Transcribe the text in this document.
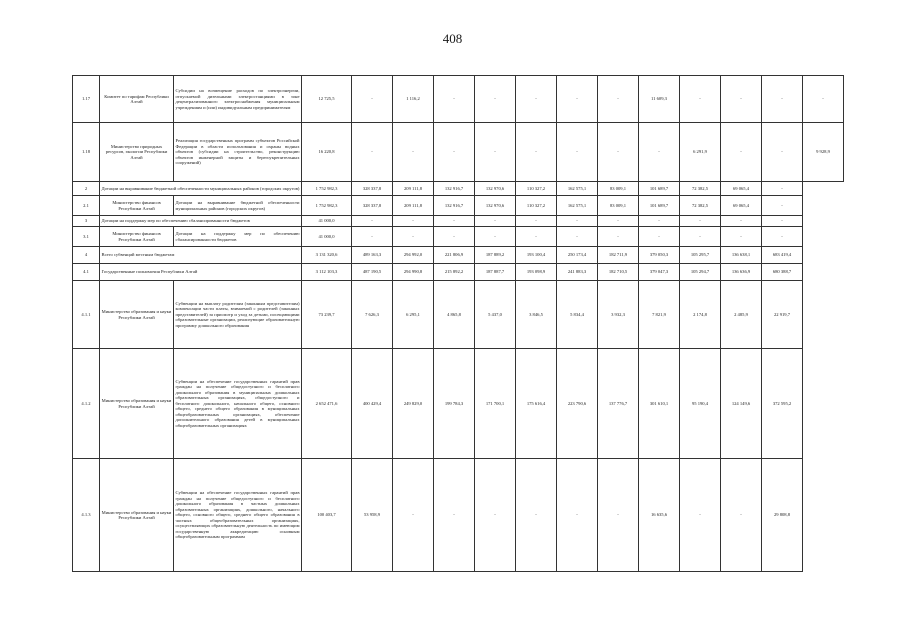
408
1.17	Комитет по тарифам Республики Алтай	Субсидии на возмещение расходов по электроэнергии, отпускаемой дизельными электростанциями в зоне децентрализованного электроснабжения муниципальным учреждениям и (или) индивидуальным предпринимателям	12 725,5	-	1 116,2	-	-	-	-	-	11 609,3	-	-	-	-
1.18	Министерство природных ресурсов, экологии Республики Алтай	Реализация государственных программ субъектов Российской Федерации в области использования и охраны водных объектов (субсидии на строительство, реконструкцию объектов инженерной защиты и берегоукрепительных сооружений)	16 220,8	-	-	-	-	-	-	-	-	6 291,9	-	-	9 928,9
2	Дотации на выравнивание бюджетной обеспеченности муниципальных районов (городских округов)		1 752 982,3	328 337,8	209 111,8	132 916,7	132 970,6	110 327,2	162 575,1	83 009,1	101 689,7	72 382,5	69 065,4	-	
2.1	Министерство финансов Республики Алтай	Дотации на выравнивание бюджетной обеспеченности муниципальных районов (городских округов)	1 752 982,3	328 337,8	209 111,8	132 916,7	132 970,6	110 327,2	162 575,1	83 009,1	101 689,7	72 382,5	69 065,4	-	
3	Дотации на поддержку мер по обеспечению сбалансированности бюджетов		41 000,0	-	-	-	-	-	-	-	-	-	-	-	
3.1	Министерство финансов Республики Алтай	Дотации на поддержку мер по обеспечению сбалансированности бюджетов	41 000,0	-	-	-	-	-	-	-	-	-	-	-	
4	Всего субвенций местным бюджетам		3 131 320,6	489 163,3	294 992,0	221 806,9	187 889,2	193 100,4	250 173,4	182 711,9	379 050,3	105 295,7	136 638,1	683 419,4	
4.1	Государственные полномочия Республики Алтай		3 112 103,3	487 190,5	294 990,8	215 892,2	187 887,7	193 098,9	241 883,3	182 710,5	379 047,3	105 294,7	136 636,9	680 388,7	
4.1.1	Министерство образования и науки Республики Алтай	Субвенции на выплату родителям (законным представителям) компенсации части платы, взимаемой с родителей (законных представителей) за присмотр и уход за детьми, посещающими образовательные организации, реализующие образовательную программу дошкольного образования	73 239,7	7 626,3	6 295,1	4 865,8	5 437,0	3 846,5	5 834,4	3 932,3	7 821,9	2 174,8	2 485,9	22 919,7	
4.1.2	Министерство образования и науки Республики Алтай	Субвенции на обеспечение государственных гарантий прав граждан на получение общедоступного и бесплатного дошкольного образования в муниципальных дошкольных образовательных организациях, общедоступного и бесплатного дошкольного, начального общего, основного общего, среднего общего образования в муниципальных общеобразовательных организациях, обеспечение дополнительного образования детей в муниципальных общеобразовательных организациях	2 652 471,6	400 429,4	249 829,0	199 784,3	171 700,1	175 616,4	223 790,6	137 776,7	301 610,1	95 190,4	124 149,6	372 595,2	
4.1.3	Министерство образования и науки Республики Алтай	Субвенции на обеспечение государственных гарантий прав граждан на получение общедоступного и бесплатного дошкольного образования в частных дошкольных образовательных организациях, дошкольного, начального общего, основного общего, среднего общего образования в частных общеобразовательных организациях, осуществляющих образовательную деятельность по имеющим государственную аккредитацию основным общеобразовательным программам	100 403,7	53 958,9	-	-	-	-	-	-	16 635,6	-	-	29 808,8	
